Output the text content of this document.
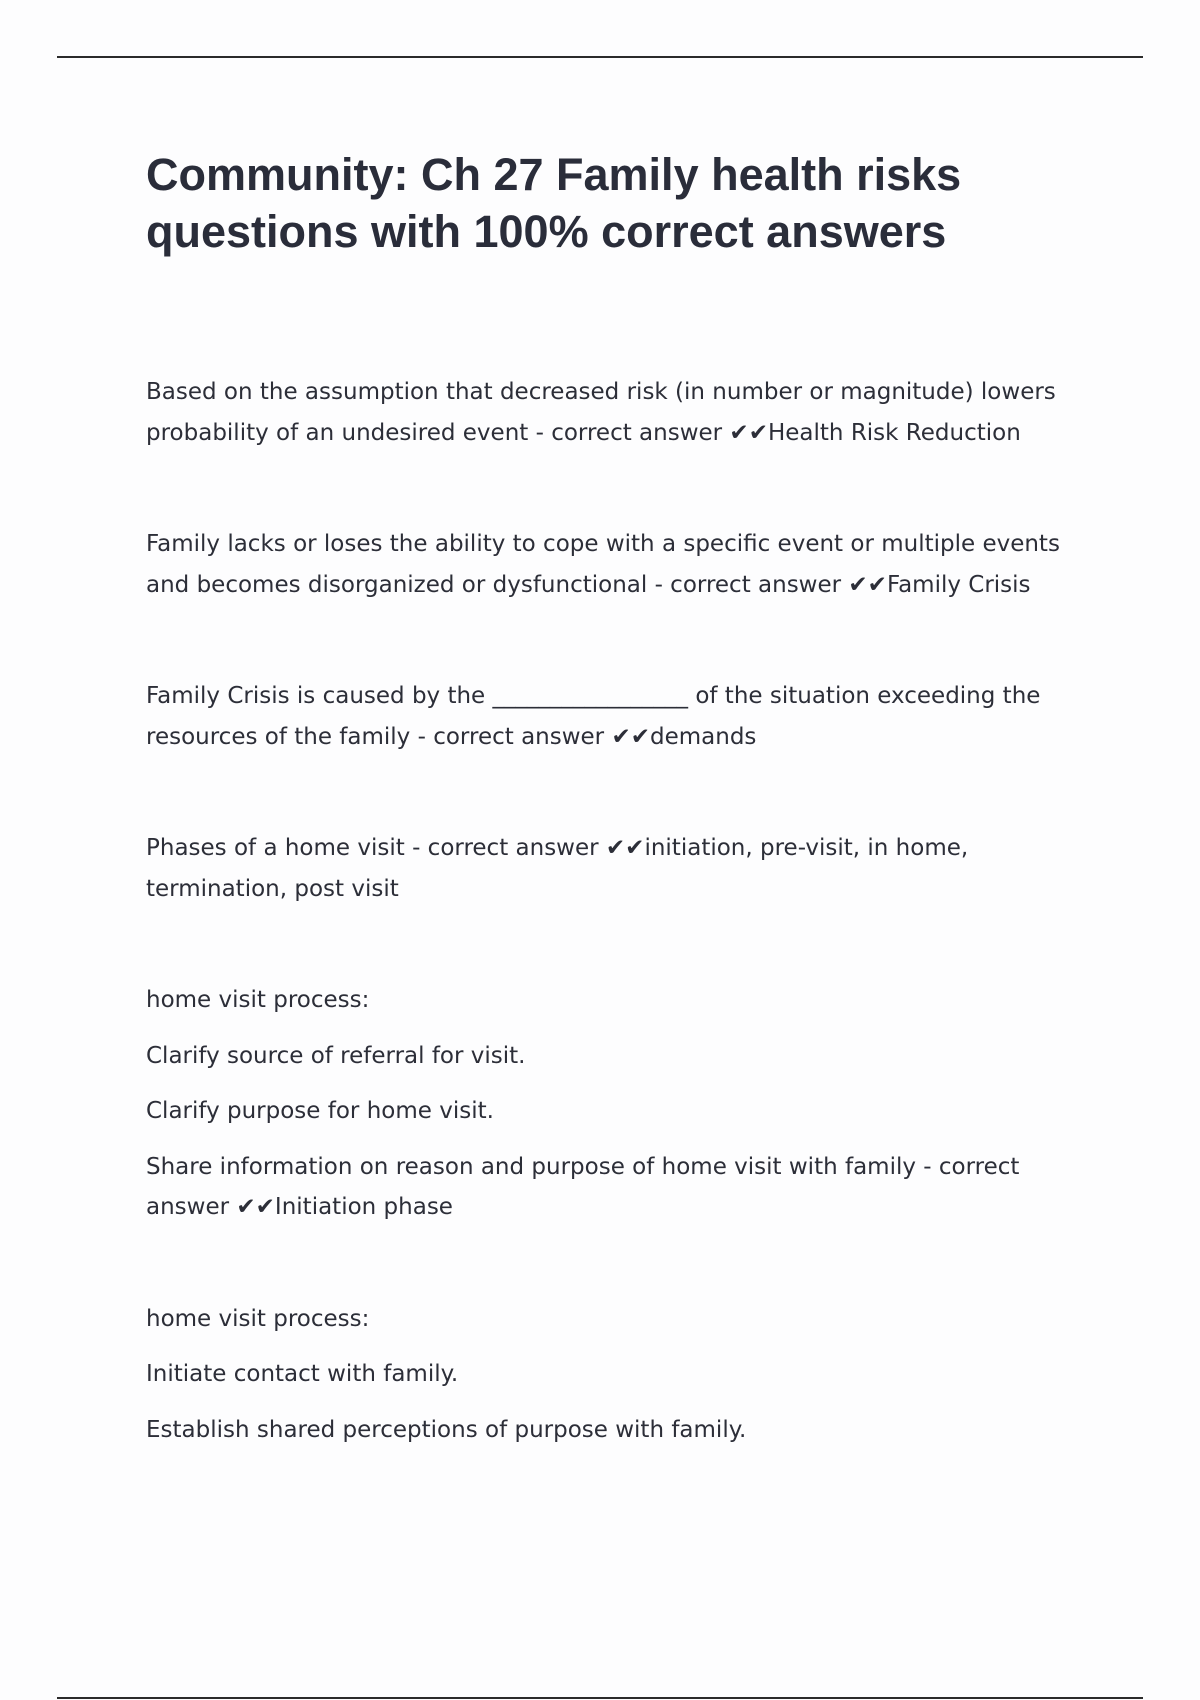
Community: Ch 27 Family health risks questions with 100% correct answers

Based on the assumption that decreased risk (in number or magnitude) lowers probability of an undesired event - correct answer ✔✔Health Risk Reduction

Family lacks or loses the ability to cope with a specific event or multiple events and becomes disorganized or dysfunctional - correct answer ✔✔Family Crisis

Family Crisis is caused by the _________________ of the situation exceeding the resources of the family - correct answer ✔✔demands

Phases of a home visit - correct answer ✔✔initiation, pre-visit, in home, termination, post visit

home visit process:
Clarify source of referral for visit.
Clarify purpose for home visit.
Share information on reason and purpose of home visit with family - correct answer ✔✔Initiation phase
home visit process:
Initiate contact with family.
Establish shared perceptions of purpose with family.
